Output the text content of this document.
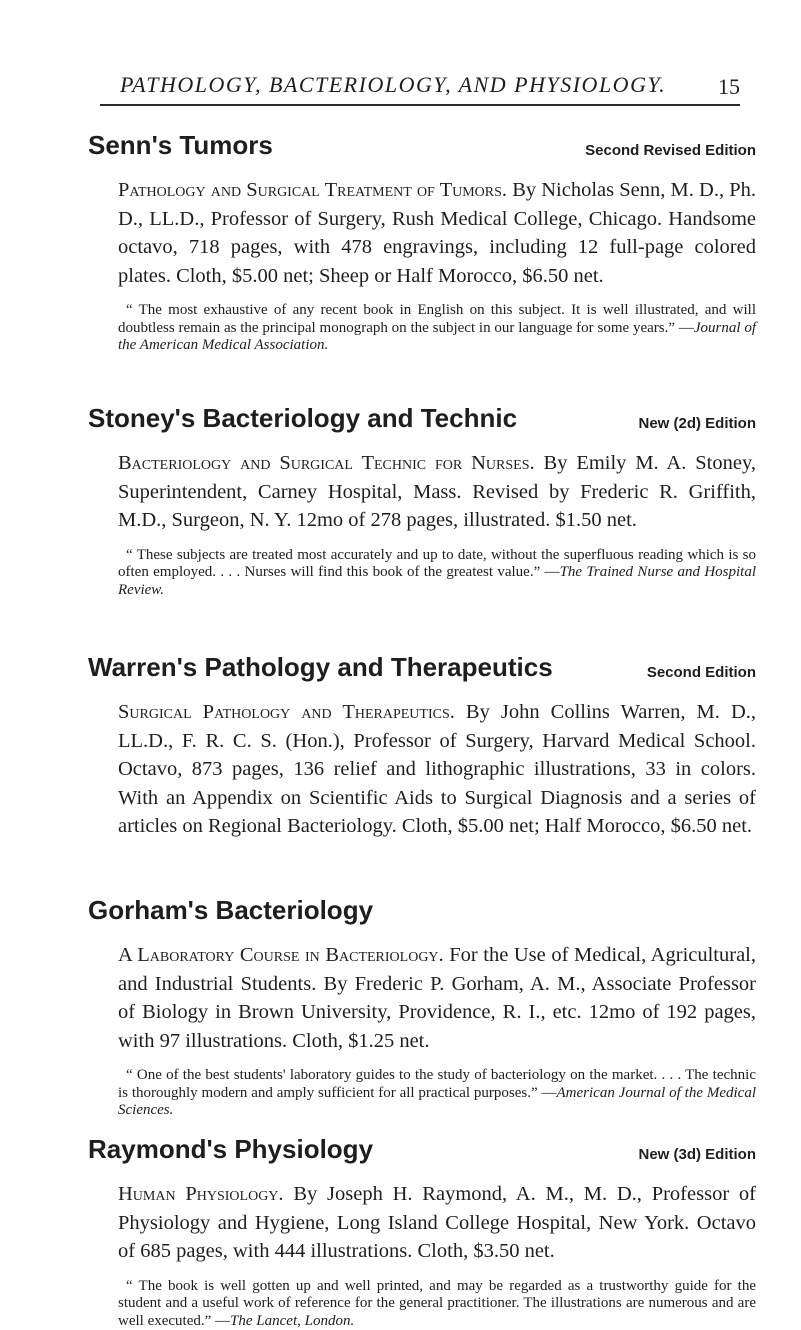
PATHOLOGY, BACTERIOLOGY, AND PHYSIOLOGY.	15
Senn's Tumors	Second Revised Edition
Pathology and Surgical Treatment of Tumors. By Nicholas Senn, M. D., Ph. D., LL.D., Professor of Surgery, Rush Medical College, Chicago. Handsome octavo, 718 pages, with 478 engravings, including 12 full-page colored plates. Cloth, $5.00 net; Sheep or Half Morocco, $6.50 net.
“ The most exhaustive of any recent book in English on this subject. It is well illustrated, and will doubtless remain as the principal monograph on the subject in our language for some years.” —Journal of the American Medical Association.
Stoney's Bacteriology and Technic	New (2d) Edition
Bacteriology and Surgical Technic for Nurses. By Emily M. A. Stoney, Superintendent, Carney Hospital, Mass. Revised by Frederic R. Griffith, M.D., Surgeon, N. Y. 12mo of 278 pages, illustrated. $1.50 net.
“ These subjects are treated most accurately and up to date, without the superfluous reading which is so often employed. . . . Nurses will find this book of the greatest value.” —The Trained Nurse and Hospital Review.
Warren's Pathology and Therapeutics	Second Edition
Surgical Pathology and Therapeutics. By John Collins Warren, M. D., LL.D., F. R. C. S. (Hon.), Professor of Surgery, Harvard Medical School. Octavo, 873 pages, 136 relief and lithographic illustrations, 33 in colors. With an Appendix on Scientific Aids to Surgical Diagnosis and a series of articles on Regional Bacteriology. Cloth, $5.00 net; Half Morocco, $6.50 net.
Gorham's Bacteriology
A Laboratory Course in Bacteriology. For the Use of Medical, Agricultural, and Industrial Students. By Frederic P. Gorham, A. M., Associate Professor of Biology in Brown University, Providence, R. I., etc. 12mo of 192 pages, with 97 illustrations. Cloth, $1.25 net.
“ One of the best students' laboratory guides to the study of bacteriology on the market. . . . The technic is thoroughly modern and amply sufficient for all practical purposes.” —American Journal of the Medical Sciences.
Raymond's Physiology	New (3d) Edition
Human Physiology. By Joseph H. Raymond, A. M., M. D., Professor of Physiology and Hygiene, Long Island College Hospital, New York. Octavo of 685 pages, with 444 illustrations. Cloth, $3.50 net.
“ The book is well gotten up and well printed, and may be regarded as a trustworthy guide for the student and a useful work of reference for the general practitioner. The illustrations are numerous and are well executed.” —The Lancet, London.
